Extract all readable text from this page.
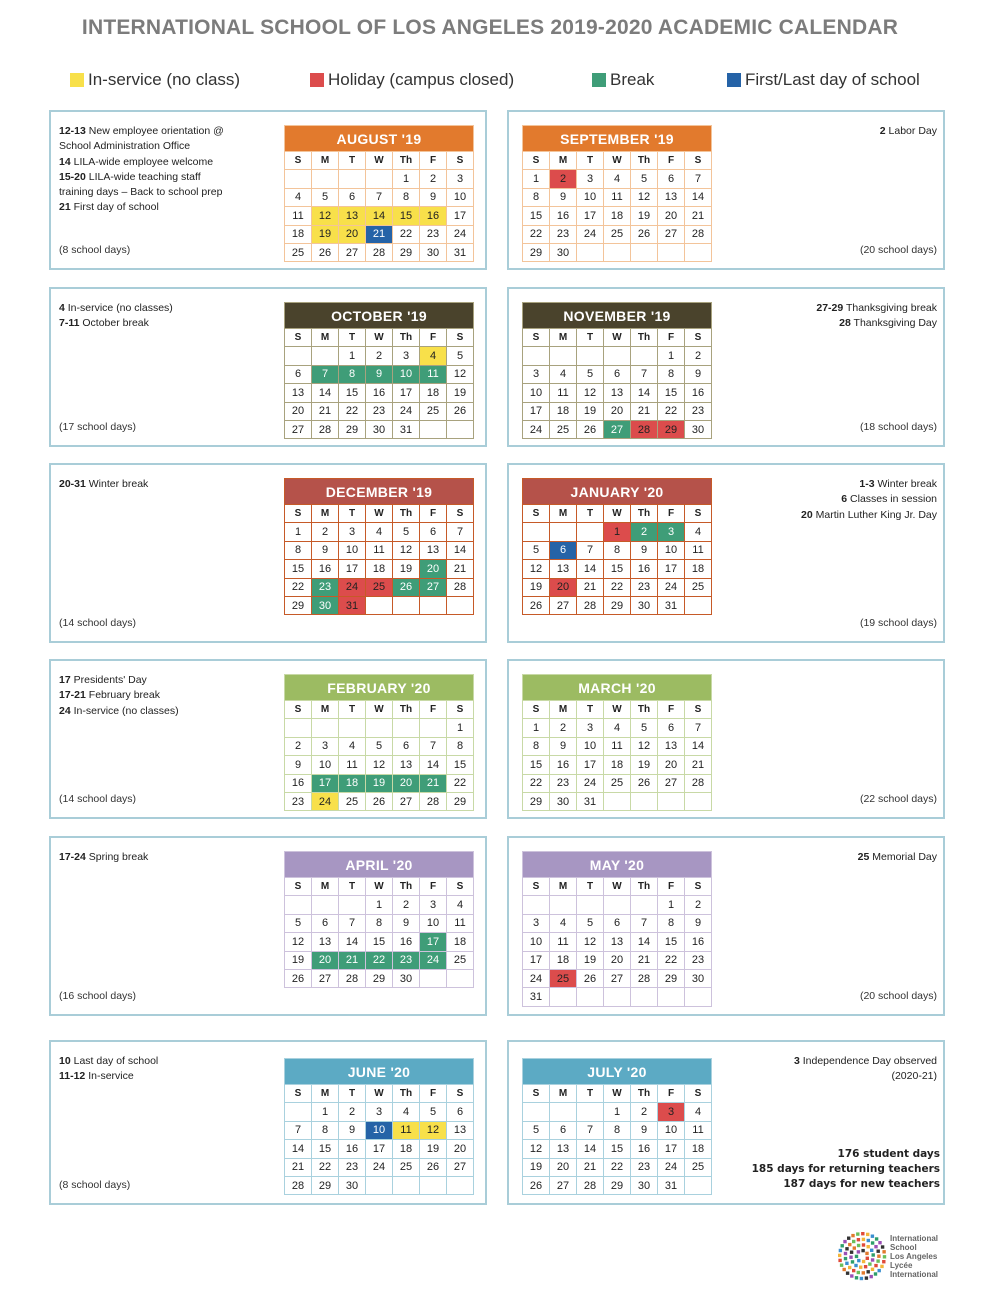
INTERNATIONAL SCHOOL OF LOS ANGELES 2019-2020 ACADEMIC CALENDAR
In-service (no class)	Holiday (campus closed)	Break	First/Last day of school
12-13 New employee orientation @
School Administration Office
14 LILA-wide employee welcome
15-20 LILA-wide teaching staff
training days – Back to school prep
21 First day of school
(8 school days)
AUGUST '19						
S	M	T	W	Th	F	S
				1	2	3
4	5	6	7	8	9	10
11	12	13	14	15	16	17
18	19	20	21	22	23	24
25	26	27	28	29	30	31
2 Labor Day
(20 school days)
SEPTEMBER '19						
S	M	T	W	Th	F	S
1	2	3	4	5	6	7
8	9	10	11	12	13	14
15	16	17	18	19	20	21
22	23	24	25	26	27	28
29	30					
4 In-service (no classes)
7-11 October break
(17 school days)
OCTOBER '19						
S	M	T	W	Th	F	S
		1	2	3	4	5
6	7	8	9	10	11	12
13	14	15	16	17	18	19
20	21	22	23	24	25	26
27	28	29	30	31		
27-29 Thanksgiving break
28 Thanksgiving Day
(18 school days)
NOVEMBER '19						
S	M	T	W	Th	F	S
					1	2
3	4	5	6	7	8	9
10	11	12	13	14	15	16
17	18	19	20	21	22	23
24	25	26	27	28	29	30
20-31 Winter break
(14 school days)
DECEMBER '19						
S	M	T	W	Th	F	S
1	2	3	4	5	6	7
8	9	10	11	12	13	14
15	16	17	18	19	20	21
22	23	24	25	26	27	28
29	30	31				
1-3 Winter break
6 Classes in session
20 Martin Luther King Jr. Day
(19 school days)
JANUARY '20						
S	M	T	W	Th	F	S
			1	2	3	4
5	6	7	8	9	10	11
12	13	14	15	16	17	18
19	20	21	22	23	24	25
26	27	28	29	30	31	
17 Presidents' Day
17-21 February break
24 In-service (no classes)
(14 school days)
FEBRUARY '20						
S	M	T	W	Th	F	S
						1
2	3	4	5	6	7	8
9	10	11	12	13	14	15
16	17	18	19	20	21	22
23	24	25	26	27	28	29	(22 school days)
MARCH '20						
S	M	T	W	Th	F	S
1	2	3	4	5	6	7
8	9	10	11	12	13	14
15	16	17	18	19	20	21
22	23	24	25	26	27	28
29	30	31				
17-24 Spring break
(16 school days)
APRIL '20						
S	M	T	W	Th	F	S
			1	2	3	4
5	6	7	8	9	10	11
12	13	14	15	16	17	18
19	20	21	22	23	24	25
26	27	28	29	30		
25 Memorial Day
(20 school days)
MAY '20						
S	M	T	W	Th	F	S
					1	2
3	4	5	6	7	8	9
10	11	12	13	14	15	16
17	18	19	20	21	22	23
24	25	26	27	28	29	30
31						
10 Last day of school
11-12 In-service
(8 school days)
JUNE '20						
S	M	T	W	Th	F	S
	1	2	3	4	5	6
7	8	9	10	11	12	13
14	15	16	17	18	19	20
21	22	23	24	25	26	27
28	29	30				
3 Independence Day observed
(2020-21)
JULY '20						
S	M	T	W	Th	F	S
			1	2	3	4
5	6	7	8	9	10	11
12	13	14	15	16	17	18
19	20	21	22	23	24	25
26	27	28	29	30	31	
176 student days
185 days for returning teachers
187 days for new teachers
International
School
Los Angeles
Lycée
International
